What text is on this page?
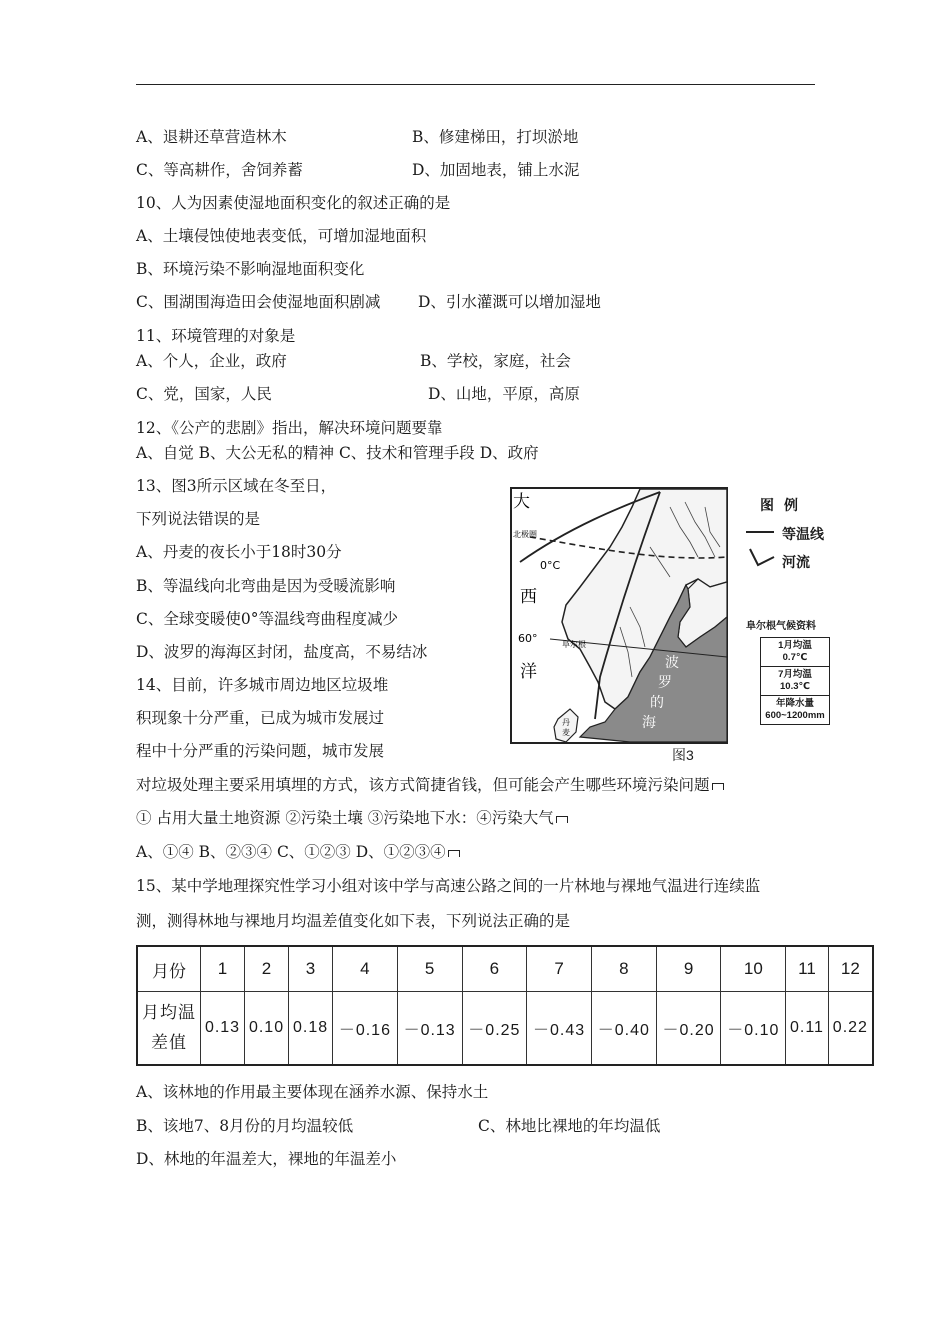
A、退耕还草营造林木	B、修建梯田，打坝淤地
C、等高耕作，舍饲养蓄	D、加固地表，铺上水泥
10、人为因素使湿地面积变化的叙述正确的是
A、土壤侵蚀使地表变低，可增加湿地面积
B、环境污染不影响湿地面积变化
C、围湖围海造田会使湿地面积剧减 D、引水灌溉可以增加湿地
11、环境管理的对象是
A、个人，企业，政府	B、学校，家庭，社会
C、党，国家，人民	D、山地，平原，高原
12、《公产的悲剧》指出，解决环境问题要靠
A、自觉 B、大公无私的精神 C、技术和管理手段 D、政府
13、图3所示区域在冬至日，
下列说法错误的是
A、丹麦的夜长小于18时30分
B、等温线向北弯曲是因为受暖流影响
C、全球变暖使0°等温线弯曲程度减少
D、波罗的海海区封闭，盐度高，不易结冰
14、目前，许多城市周边地区垃圾堆
积现象十分严重，已成为城市发展过
程中十分严重的污染问题，城市发展
对垃圾处理主要采用填埋的方式，该方式简捷省钱，但可能会产生哪些环境污染问题
① 占用大量土地资源 ②污染土壤 ③污染地下水：④污染大气
A、①④ B、②③④ C、①②③ D、①②③④
15、某中学地理探究性学习小组对该中学与高速公路之间的一片林地与裸地气温进行连续监
测，测得林地与裸地月均温差值变化如下表，下列说法正确的是
月份	1	2	3	4	5	6	7	8	9	10	11	12
月均温
差值	0.13	0.10	0.18	－0.16	－0.13	－0.25	－0.43	－0.40	－0.20	－0.10	0.11	0.22
A、该林地的作用最主要体现在涵养水源、保持水土
B、该地7、8月份的月均温较低	C、林地比裸地的年均温低
D、林地的年温差大，裸地的年温差小
大
北极圈
0°C
西
60°	阜尔根
洋	波
罗
的
海
丹
麦
图例
等温线
河流
阜尔根气候资料
1月均温
0.7℃
7月均温
10.3℃
年降水量
600~1200mm
图3
